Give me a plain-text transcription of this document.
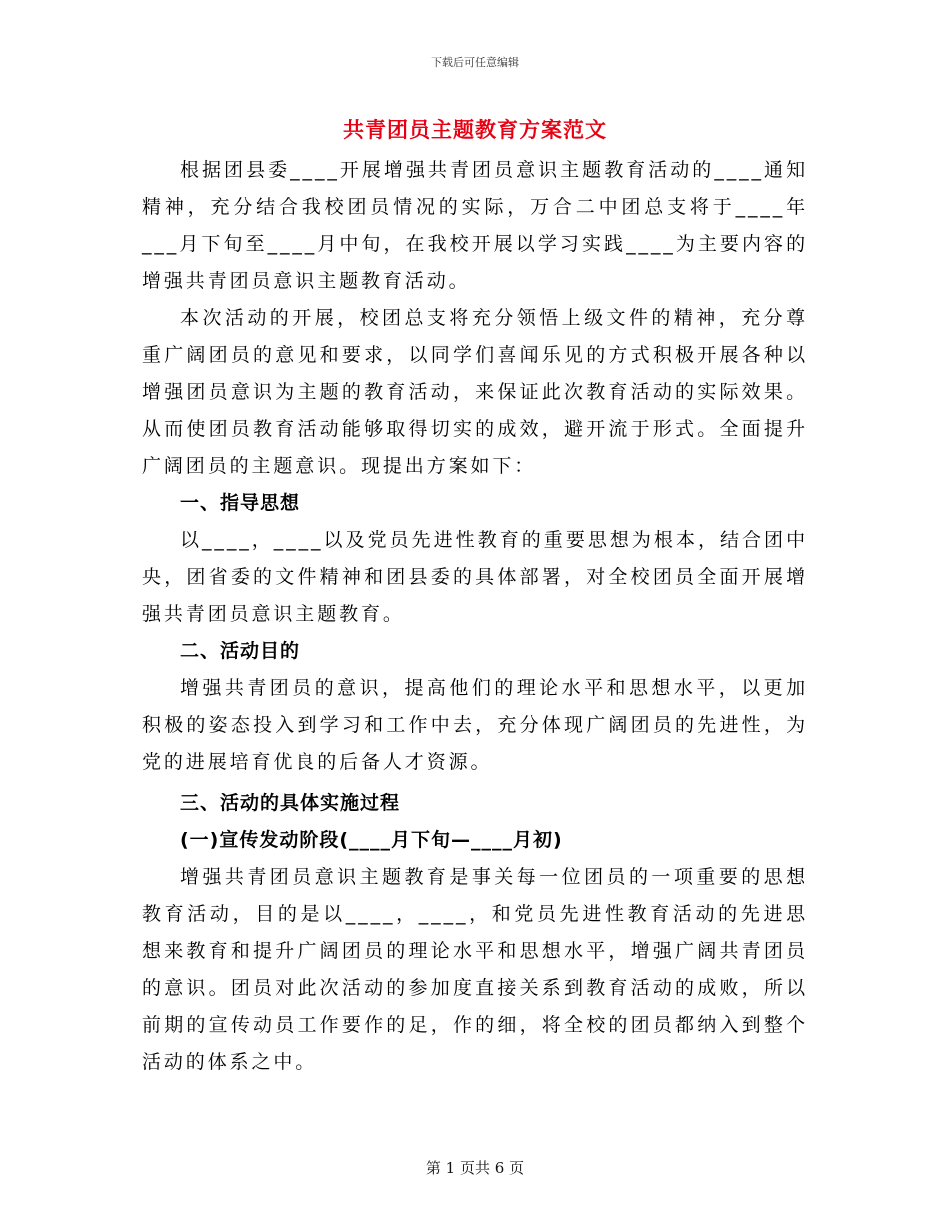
下载后可任意编辑
共青团员主题教育方案范文

根据团县委____开展增强共青团员意识主题教育活动的____通知精神，充分结合我校团员情况的实际，万合二中团总支将于____年___月下旬至____月中旬，在我校开展以学习实践____为主要内容的增强共青团员意识主题教育活动。

本次活动的开展，校团总支将充分领悟上级文件的精神，充分尊重广阔团员的意见和要求，以同学们喜闻乐见的方式积极开展各种以增强团员意识为主题的教育活动，来保证此次教育活动的实际效果。从而使团员教育活动能够取得切实的成效，避开流于形式。全面提升广阔团员的主题意识。现提出方案如下：

一、指导思想

以____，____以及党员先进性教育的重要思想为根本，结合团中央，团省委的文件精神和团县委的具体部署，对全校团员全面开展增强共青团员意识主题教育。

二、活动目的

增强共青团员的意识，提高他们的理论水平和思想水平，以更加积极的姿态投入到学习和工作中去，充分体现广阔团员的先进性，为党的进展培育优良的后备人才资源。

三、活动的具体实施过程

(一)宣传发动阶段(____月下旬—____月初)

增强共青团员意识主题教育是事关每一位团员的一项重要的思想教育活动，目的是以____，____，和党员先进性教育活动的先进思想来教育和提升广阔团员的理论水平和思想水平，增强广阔共青团员的意识。团员对此次活动的参加度直接关系到教育活动的成败，所以前期的宣传动员工作要作的足，作的细，将全校的团员都纳入到整个活动的体系之中。

第 1 页共 6 页
